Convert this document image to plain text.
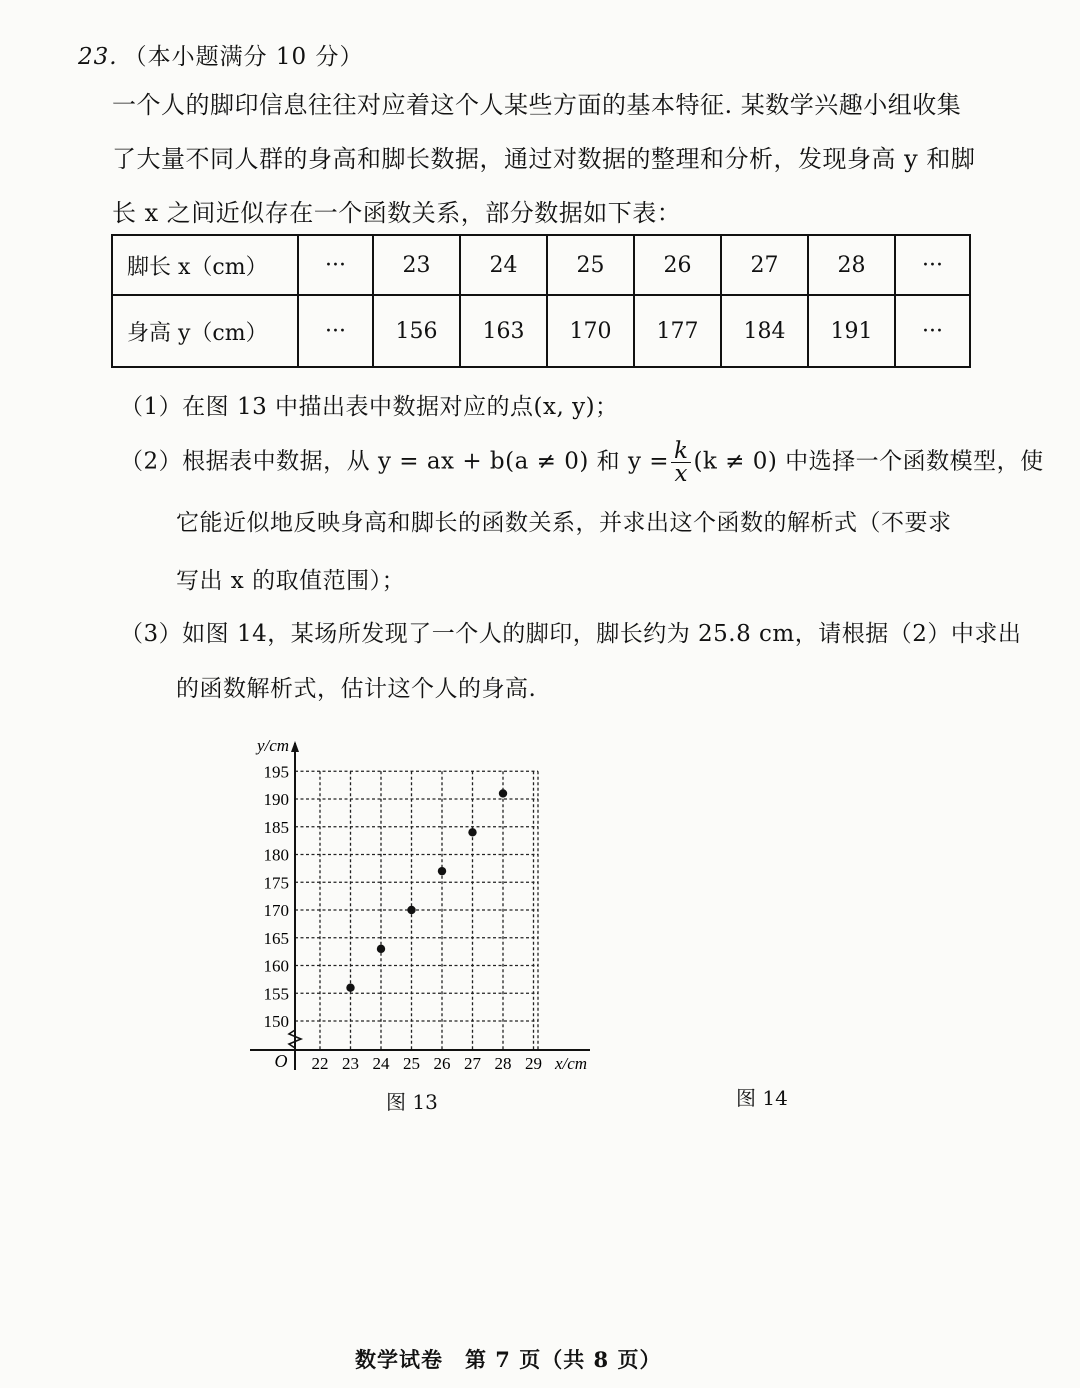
23. （本小题满分 10 分）
一个人的脚印信息往往对应着这个人某些方面的基本特征. 某数学兴趣小组收集
了大量不同人群的身高和脚长数据，通过对数据的整理和分析，发现身高 y 和脚
长 x 之间近似存在一个函数关系，部分数据如下表：
脚长 x（cm）	···	23	24	25	26	27	28	···
身高 y（cm）	···	156	163	170	177	184	191	···
（1）在图 13 中描出表中数据对应的点(x, y)；
（2）根据表中数据，从 y = ax + b(a ≠ 0) 和 $y = \frac{k}{x} (k \ne 0)$ 中选择一个函数模型，使
它能近似地反映身高和脚长的函数关系，并求出这个函数的解析式（不要求
写出 x 的取值范围）；
（3）如图 14，某场所发现了一个人的脚印，脚长约为 25.8 cm，请根据（2）中求出
的函数解析式，估计这个人的身高.
22 23 24 25 26 27 28 29
150
155
160
165
170
175
180
185
190
195
O	x/cm
y/cm
图 13	图 14
数学试卷　第 7 页（共 8 页）
